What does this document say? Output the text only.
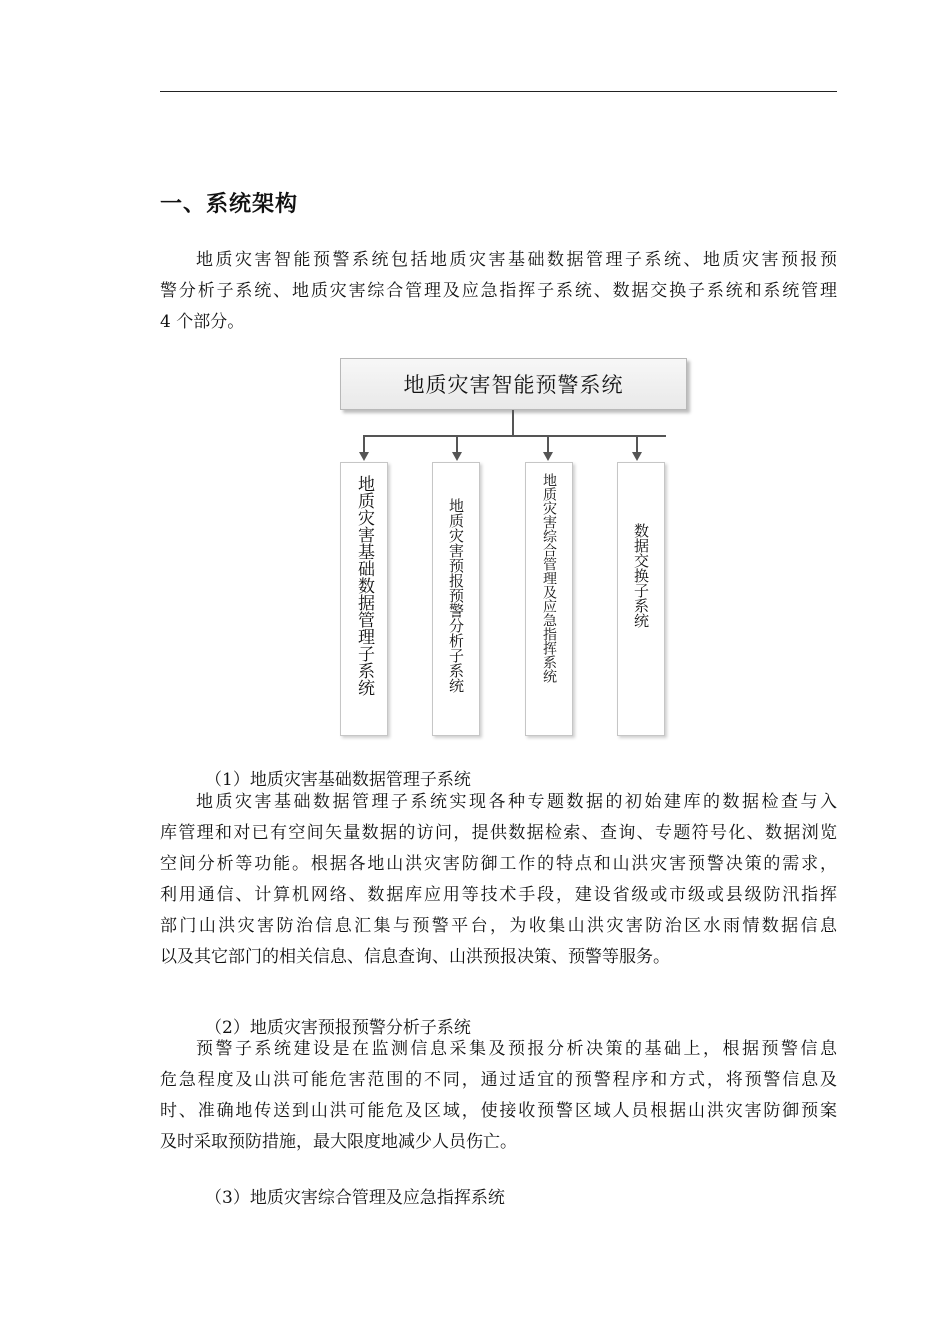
一、系统架构
地质灾害智能预警系统包括地质灾害基础数据管理子系统、地质灾害预报预
警分析子系统、地质灾害综合管理及应急指挥子系统、数据交换子系统和系统管理
4 个部分。
地质灾害智能预警系统
地质灾害基础数据管理子系统	地质灾害预报预警分析子系统	地质灾害综合管理及应急指挥系统	数据交换子系统
（1）地质灾害基础数据管理子系统
地质灾害基础数据管理子系统实现各种专题数据的初始建库的数据检查与入
库管理和对已有空间矢量数据的访问，提供数据检索、查询、专题符号化、数据浏览
空间分析等功能。根据各地山洪灾害防御工作的特点和山洪灾害预警决策的需求，
利用通信、计算机网络、数据库应用等技术手段，建设省级或市级或县级防汛指挥
部门山洪灾害防治信息汇集与预警平台，为收集山洪灾害防治区水雨情数据信息
以及其它部门的相关信息、信息查询、山洪预报决策、预警等服务。
（2）地质灾害预报预警分析子系统
预警子系统建设是在监测信息采集及预报分析决策的基础上，根据预警信息
危急程度及山洪可能危害范围的不同，通过适宜的预警程序和方式，将预警信息及
时、准确地传送到山洪可能危及区域，使接收预警区域人员根据山洪灾害防御预案
及时采取预防措施，最大限度地减少人员伤亡。
（3）地质灾害综合管理及应急指挥系统
